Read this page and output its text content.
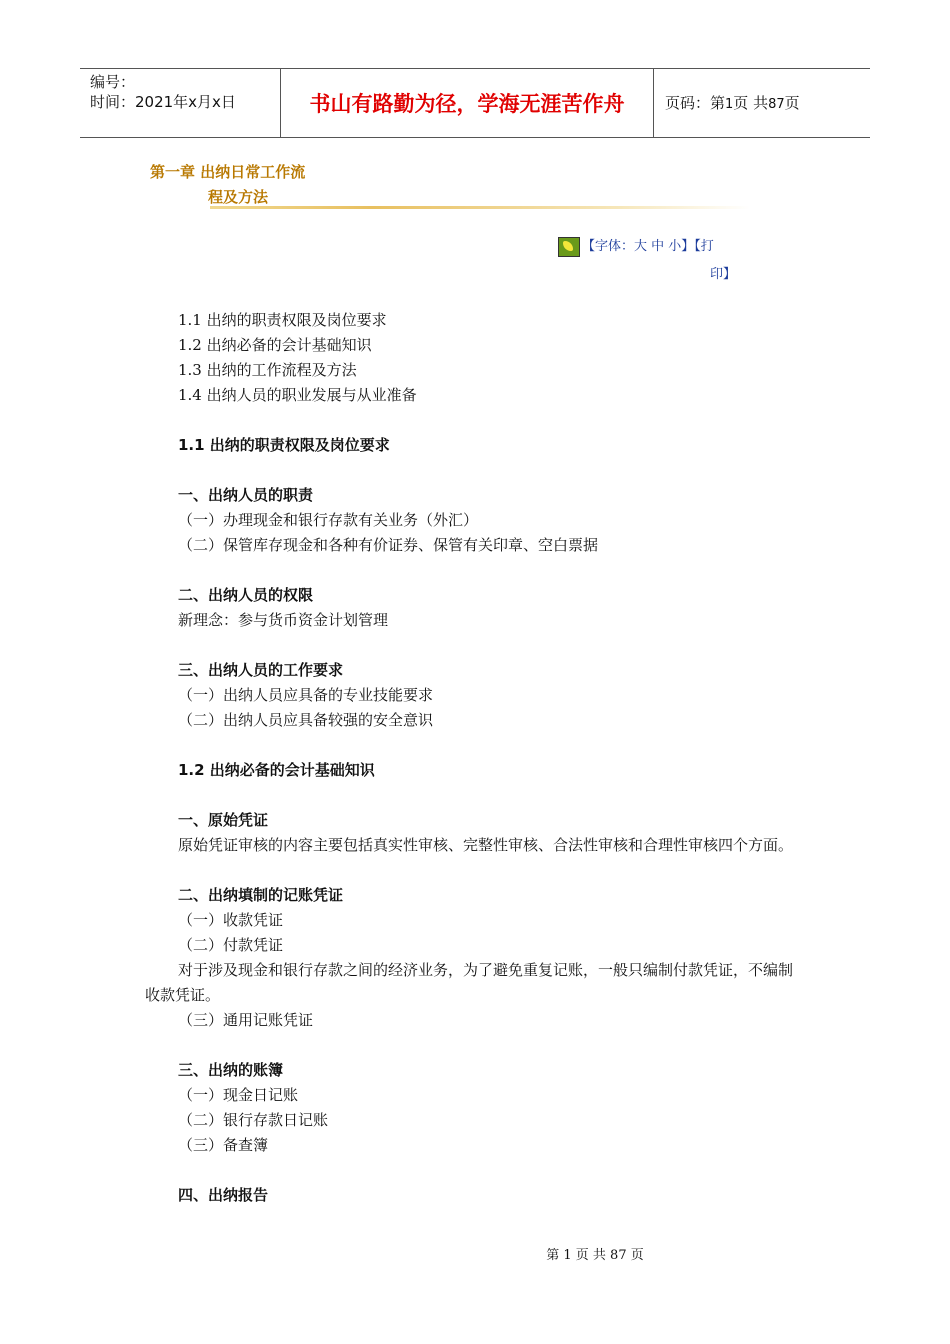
编号：
时间：2021年x月x日	书山有路勤为径，学海无涯苦作舟	页码：第1页 共87页
第一章 出纳日常工作流
程及方法
【字体：大 中 小】【打
印】
1.1 出纳的职责权限及岗位要求
1.2 出纳必备的会计基础知识
1.3 出纳的工作流程及方法
1.4 出纳人员的职业发展与从业准备
1.1 出纳的职责权限及岗位要求
一、出纳人员的职责
（一）办理现金和银行存款有关业务（外汇）
（二）保管库存现金和各种有价证券、保管有关印章、空白票据
二、出纳人员的权限
新理念：参与货币资金计划管理
三、出纳人员的工作要求
（一）出纳人员应具备的专业技能要求
（二）出纳人员应具备较强的安全意识
1.2 出纳必备的会计基础知识
一、原始凭证
原始凭证审核的内容主要包括真实性审核、完整性审核、合法性审核和合理性审核四个方面。
二、出纳填制的记账凭证
（一）收款凭证
（二）付款凭证
对于涉及现金和银行存款之间的经济业务，为了避免重复记账，一般只编制付款凭证，不编制收款凭证。
（三）通用记账凭证
三、出纳的账簿
（一）现金日记账
（二）银行存款日记账
（三）备查簿
四、出纳报告
第 1 页 共 87 页
